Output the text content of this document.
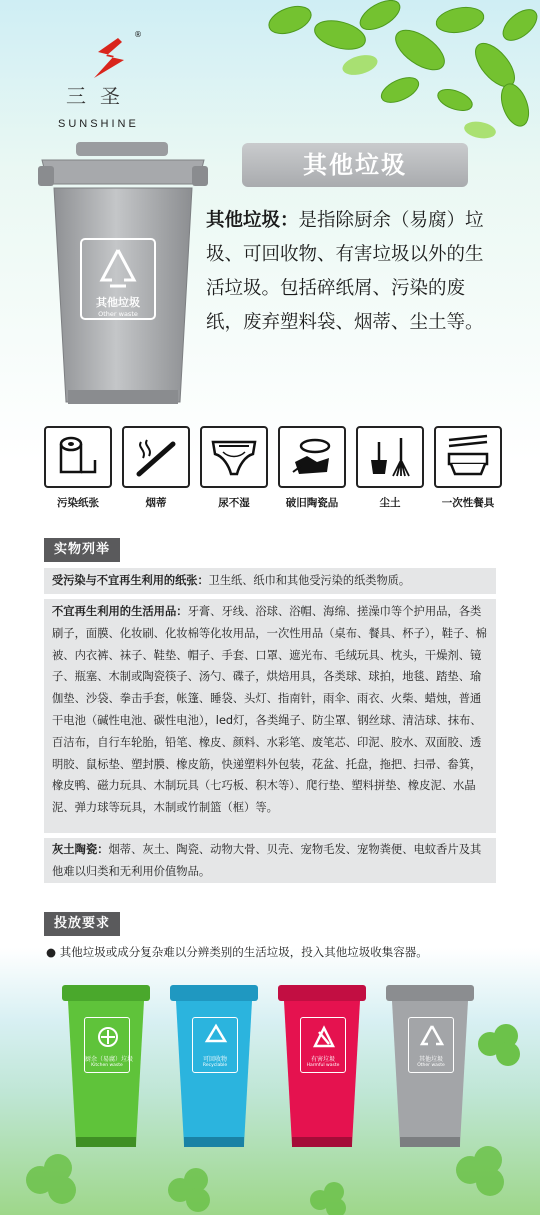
®
三圣
SUNSHINE
其他垃圾
Other waste
其他垃圾
其他垃圾：是指除厨余（易腐）垃圾、可回收物、有害垃圾以外的生活垃圾。包括碎纸屑、污染的废纸，废弃塑料袋、烟蒂、尘土等。
污染纸张	烟蒂	尿不湿	破旧陶瓷品	尘土	一次性餐具
实物列举
受污染与不宜再生利用的纸张：卫生纸、纸巾和其他受污染的纸类物质。

不宜再生利用的生活用品：牙膏、牙线、浴球、浴帽、海绵、搓澡巾等个护用品，各类刷子，面膜、化妆刷、化妆棉等化妆用品，一次性用品（桌布、餐具、杯子），鞋子、棉被、内衣裤、袜子、鞋垫、帽子、手套、口罩、遮光布、毛绒玩具、枕头，干燥剂、镜子、瓶塞、木制或陶瓷筷子、汤勺、碟子，烘焙用具，各类球、球拍，地毯、踏垫、瑜伽垫、沙袋、拳击手套，帐篷、睡袋、头灯、指南针，雨伞、雨衣、火柴、蜡烛，普通干电池（碱性电池、碳性电池），led灯，各类绳子、防尘罩、钢丝球、清洁球、抹布、百洁布，自行车轮胎，铅笔、橡皮、颜料、水彩笔、废笔芯、印泥、胶水、双面胶、透明胶、鼠标垫、塑封膜、橡皮筋，快递塑料外包装，花盆、托盘，拖把、扫帚、畚箕，橡皮鸭、磁力玩具、木制玩具（七巧板、积木等）、爬行垫、塑料拼垫、橡皮泥、水晶泥、弹力球等玩具，木制或竹制篮（框）等。

灰土陶瓷：烟蒂、灰土、陶瓷、动物大骨、贝壳、宠物毛发、宠物粪便、电蚊香片及其他难以归类和无利用价值物品。

投放要求
● 其他垃圾或成分复杂难以分辨类别的生活垃圾，投入其他垃圾收集容器。
厨余（易腐）垃圾
Kitchen waste
可回收物
Recyclable
有害垃圾
Harmful waste
其他垃圾
Other waste
